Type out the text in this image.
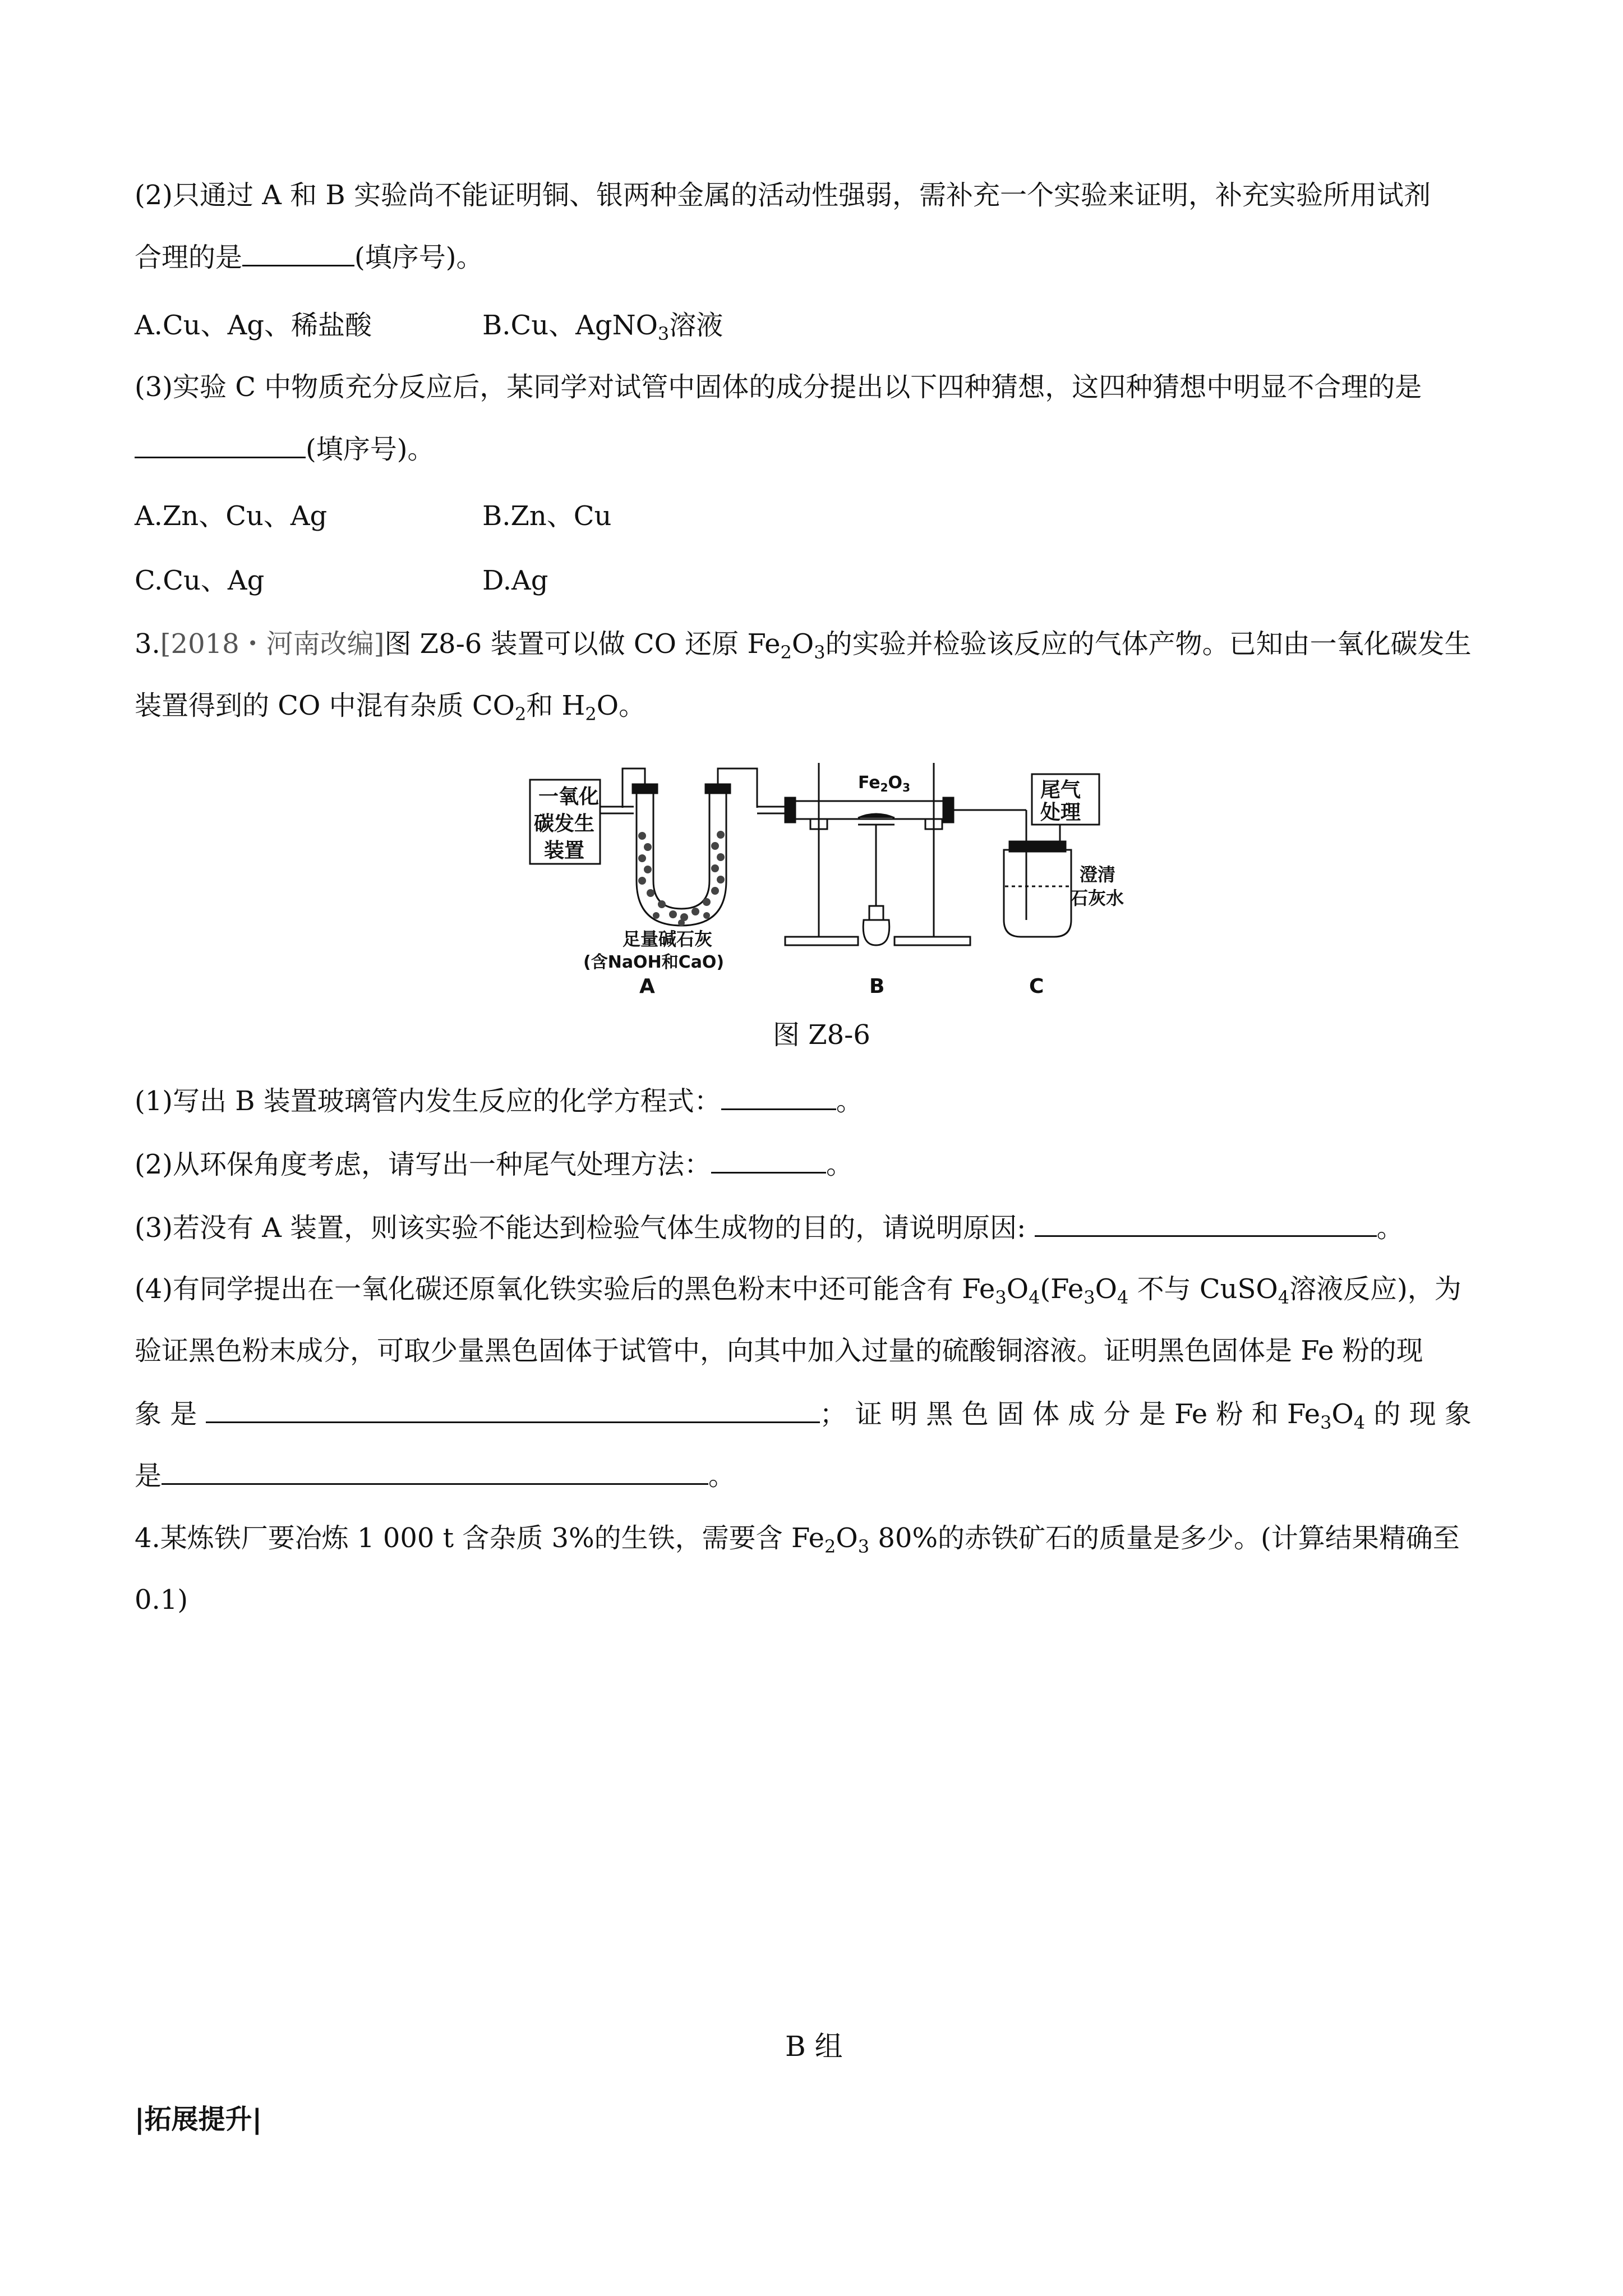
(2)只通过 A 和 B 实验尚不能证明铜、银两种金属的活动性强弱，需补充一个实验来证明，补充实验所用试剂
合理的是	(填序号)。
A.Cu、Ag、稀盐酸	B.Cu、AgNO$_3$溶液
(3)实验 C 中物质充分反应后，某同学对试管中固体的成分提出以下四种猜想，这四种猜想中明显不合理的是
(填序号)。
A.Zn、Cu、Ag	B.Zn、Cu
C.Cu、Ag	D.Ag
3.[2018・河南改编]图 Z8-6 装置可以做 CO 还原 $Fe_2O_3$的实验并检验该反应的气体产物。已知由一氧化碳发生
装置得到的 CO 中混有杂质 $CO_2$和 $H_2O$。
一氧化
碳发生
装置
$Fe_2O_3$	尾气
处理
澄清
石灰水
足量碱石灰
(含NaOH和CaO)
A	B	C
图 Z8-6
(1)写出 B 装置玻璃管内发生反应的化学方程式：	。
(2)从环保角度考虑，请写出一种尾气处理方法：	。
(3)若没有 A 装置，则该实验不能达到检验气体生成物的目的，请说明原因:	。
(4)有同学提出在一氧化碳还原氧化铁实验后的黑色粉末中还可能含有 $Fe_3O_4(Fe_3O_4$ 不与 CuSO$_4$溶液反应)，为
验证黑色粉末成分，可取少量黑色固体于试管中，向其中加入过量的硫酸铜溶液。证明黑色固体是 Fe 粉的现
象 是	； 证 明 黑 色 固 体 成 分 是 Fe 粉 和 $Fe_3O_4$ 的 现 象
是	。
4.某炼铁厂要冶炼 1 000 t 含杂质 3%的生铁，需要含 $Fe_2O_3$ 80%的赤铁矿石的质量是多少。(计算结果精确至
0.1)
B 组
|拓展提升|
